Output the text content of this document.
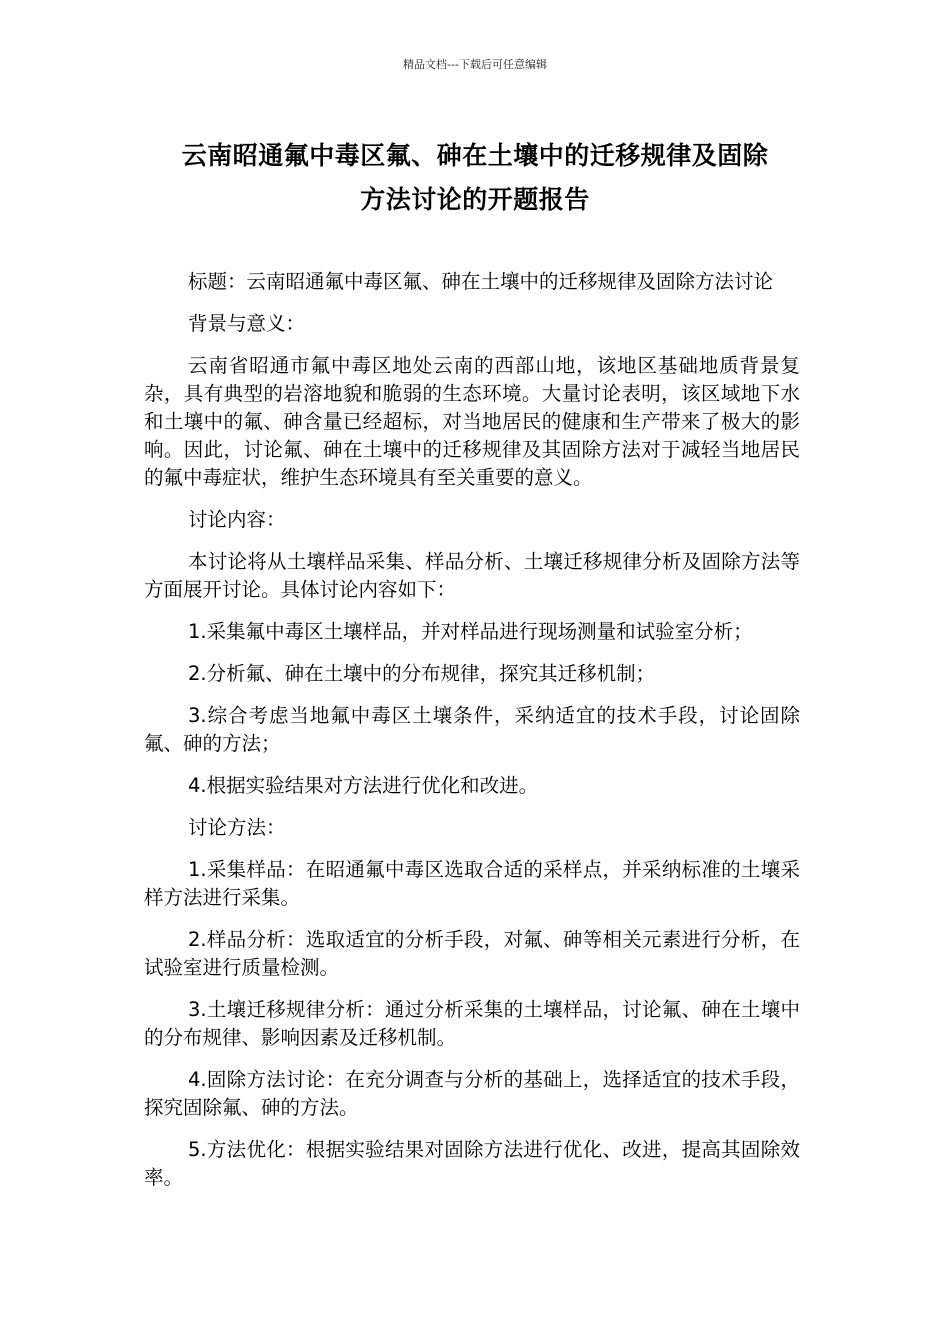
精品文档---下载后可任意编辑
云南昭通氟中毒区氟、砷在土壤中的迁移规律及固除
方法讨论的开题报告

标题：云南昭通氟中毒区氟、砷在土壤中的迁移规律及固除方法讨论

背景与意义：

云南省昭通市氟中毒区地处云南的西部山地，该地区基础地质背景复杂，具有典型的岩溶地貌和脆弱的生态环境。大量讨论表明，该区域地下水和土壤中的氟、砷含量已经超标，对当地居民的健康和生产带来了极大的影响。因此，讨论氟、砷在土壤中的迁移规律及其固除方法对于减轻当地居民的氟中毒症状，维护生态环境具有至关重要的意义。

讨论内容：

本讨论将从土壤样品采集、样品分析、土壤迁移规律分析及固除方法等方面展开讨论。具体讨论内容如下：

1.采集氟中毒区土壤样品，并对样品进行现场测量和试验室分析；

2.分析氟、砷在土壤中的分布规律，探究其迁移机制；

3.综合考虑当地氟中毒区土壤条件，采纳适宜的技术手段，讨论固除氟、砷的方法；

4.根据实验结果对方法进行优化和改进。

讨论方法：

1.采集样品：在昭通氟中毒区选取合适的采样点，并采纳标准的土壤采样方法进行采集。

2.样品分析：选取适宜的分析手段，对氟、砷等相关元素进行分析，在试验室进行质量检测。

3.土壤迁移规律分析：通过分析采集的土壤样品，讨论氟、砷在土壤中的分布规律、影响因素及迁移机制。

4.固除方法讨论：在充分调查与分析的基础上，选择适宜的技术手段，探究固除氟、砷的方法。

5.方法优化：根据实验结果对固除方法进行优化、改进，提高其固除效率。
